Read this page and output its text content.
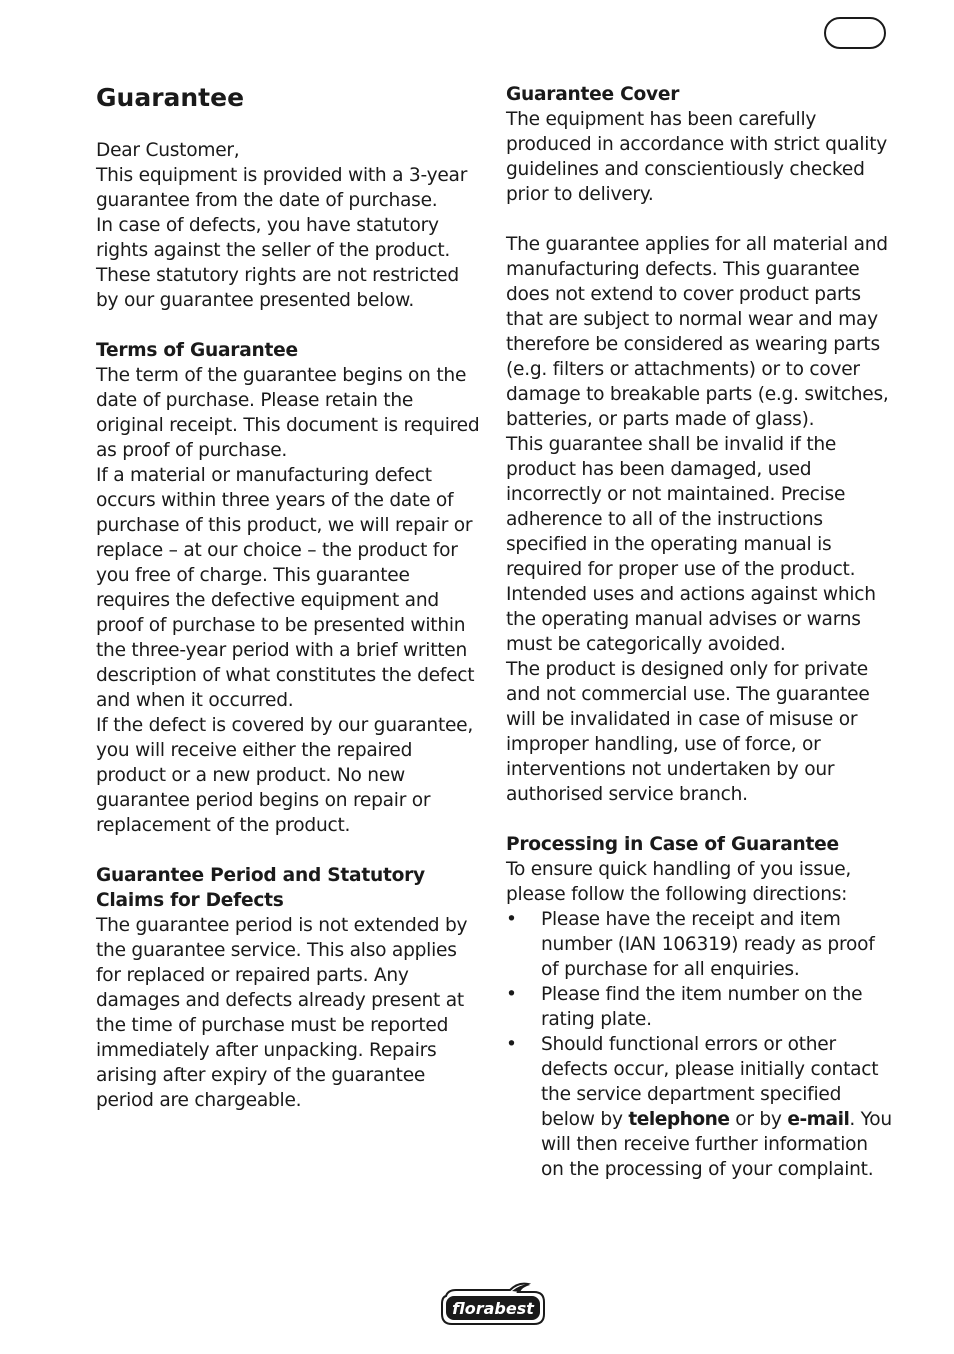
Guarantee

Dear Customer,

This equipment is provided with a 3-year guarantee from the date of purchase.

In case of defects, you have statutory rights against the seller of the product. These statutory rights are not restricted by our guarantee presented below.

Terms of Guarantee

The term of the guarantee begins on the date of purchase. Please retain the original receipt. This document is required as proof of purchase.

If a material or manufacturing defect occurs within three years of the date of purchase of this product, we will repair or replace – at our choice – the product for you free of charge. This guarantee requires the defective equipment and proof of purchase to be presented within the three-year period with a brief written description of what constitutes the defect and when it occurred.

If the defect is covered by our guarantee, you will receive either the repaired product or a new product. No new guarantee period begins on repair or replacement of the product.

Guarantee Period and Statutory Claims for Defects

The guarantee period is not extended by the guarantee service. This also applies for replaced or repaired parts. Any damages and defects already present at the time of purchase must be reported immediately after unpacking. Repairs arising after expiry of the guarantee period are chargeable.

Guarantee Cover

The equipment has been carefully produced in accordance with strict quality guidelines and conscientiously checked prior to delivery.

The guarantee applies for all material and manufacturing defects. This guarantee does not extend to cover product parts that are subject to normal wear and may therefore be considered as wearing parts (e.g. filters or attachments) or to cover damage to breakable parts (e.g. switches, batteries, or parts made of glass).

This guarantee shall be invalid if the product has been damaged, used incorrectly or not maintained. Precise adherence to all of the instructions specified in the operating manual is required for proper use of the product. Intended uses and actions against which the operating manual advises or warns must be categorically avoided.

The product is designed only for private and not commercial use. The guarantee will be invalidated in case of misuse or improper handling, use of force, or interventions not undertaken by our authorised service branch.

Processing in Case of Guarantee

To ensure quick handling of you issue, please follow the following directions:

• Please have the receipt and item number (IAN 106319) ready as proof of purchase for all enquiries.
• Please find the item number on the rating plate.
• Should functional errors or other defects occur, please initially contact the service department specified below by telephone or by e-mail. You will then receive further information on the processing of your complaint.
florabest
